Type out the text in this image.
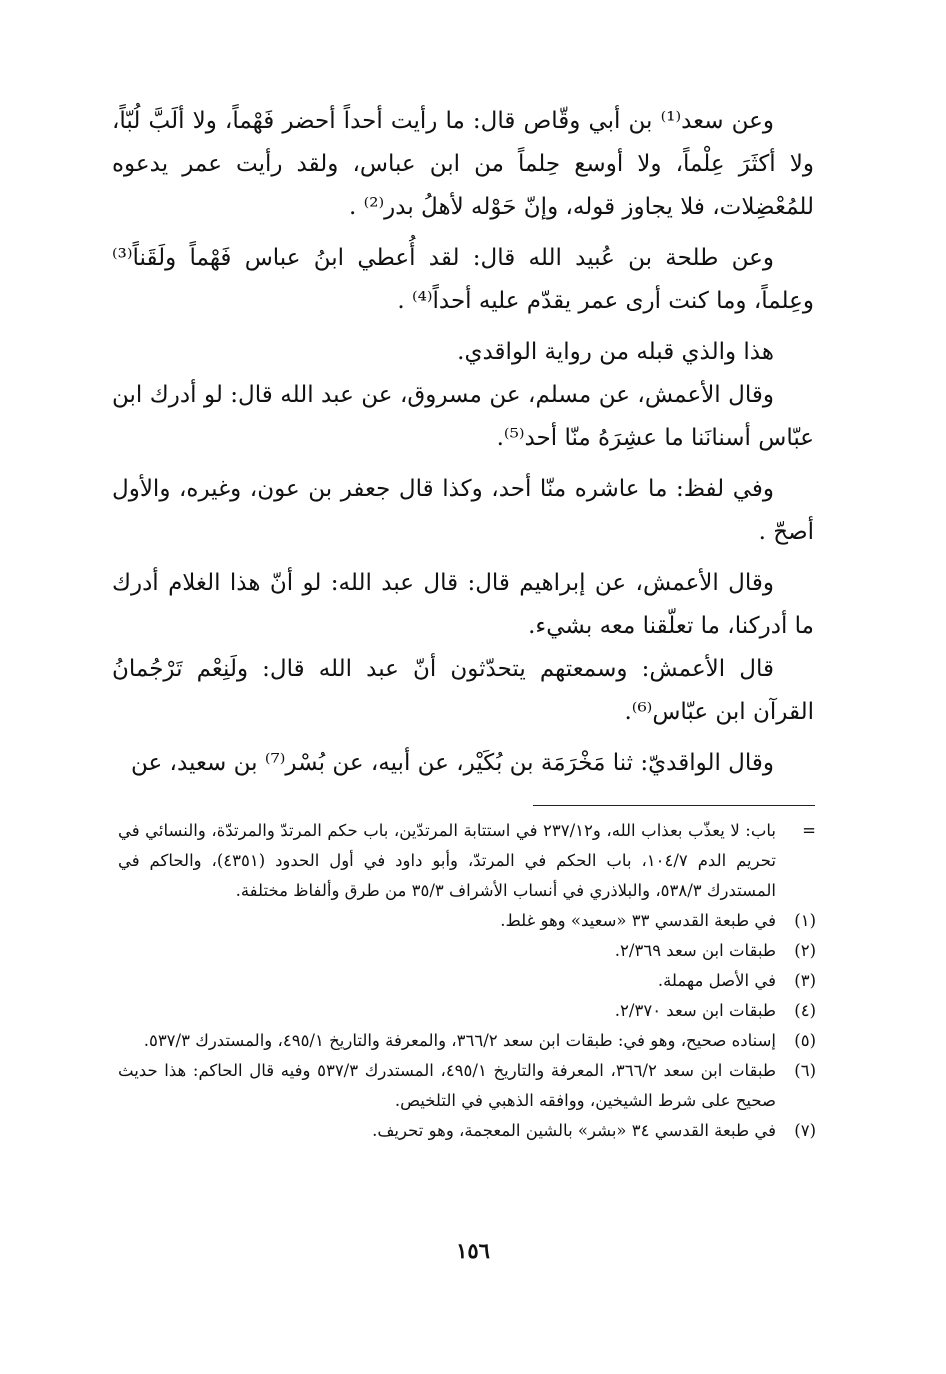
وعن سعد⁽¹⁾ بن أبي وقّاص قال: ما رأيت أحداً أحضر فَهْماً، ولا ألَبَّ لُبّاً، ولا أكثَرَ عِلْماً، ولا أوسع حِلماً من ابن عباس، ولقد رأيت عمر يدعوه للمُعْضِلات، فلا يجاوز قوله، وإنّ حَوْله لأهلُ بدر⁽²⁾ .

وعن طلحة بن عُبيد الله قال: لقد أُعطي ابنُ عباس فَهْماً ولَقَناً⁽³⁾ وعِلماً، وما كنت أرى عمر يقدّم عليه أحداً⁽⁴⁾ .

هذا والذي قبله من رواية الواقدي.

وقال الأعمش، عن مسلم، عن مسروق، عن عبد الله قال: لو أدرك ابن عبّاس أسنانَنا ما عشِرَهُ منّا أحد⁽⁵⁾.

وفي لفظ: ما عاشره منّا أحد، وكذا قال جعفر بن عون، وغيره، والأول أصحّ .

وقال الأعمش، عن إبراهيم قال: قال عبد الله: لو أنّ هذا الغلام أدرك ما أدركنا، ما تعلّقنا معه بشيء.

قال الأعمش: وسمعتهم يتحدّثون أنّ عبد الله قال: ولَنِعْم تَرْجُمانُ القرآن ابن عبّاس⁽⁶⁾.

وقال الواقديّ: ثنا مَخْرَمَة بن بُكَيْر، عن أبيه، عن بُسْر⁽⁷⁾ بن سعيد، عن

=
باب: لا يعذّب بعذاب الله، و٢٣٧/١٢ في استتابة المرتدّين، باب حكم المرتدّ والمرتدّة، والنسائي في تحريم الدم ١٠٤/٧، باب الحكم في المرتدّ، وأبو داود في أول الحدود (٤٣٥١)، والحاكم في المستدرك ٥٣٨/٣، والبلاذري في أنساب الأشراف ٣٥/٣ من طرق وألفاظ مختلفة.
(١)
في طبعة القدسي ٣٣ «سعيد» وهو غلط.
(٢)
طبقات ابن سعد ٢/٣٦٩.
(٣)
في الأصل مهملة.
(٤)
طبقات ابن سعد ٢/٣٧٠.
(٥)
إسناده صحيح، وهو في: طبقات ابن سعد ٣٦٦/٢، والمعرفة والتاريخ ٤٩٥/١، والمستدرك ٥٣٧/٣.
(٦)
طبقات ابن سعد ٣٦٦/٢، المعرفة والتاريخ ٤٩٥/١، المستدرك ٥٣٧/٣ وفيه قال الحاكم: هذا حديث صحيح على شرط الشيخين، ووافقه الذهبي في التلخيص.
(٧)
في طبعة القدسي ٣٤ «بشر» بالشين المعجمة، وهو تحريف.
١٥٦
